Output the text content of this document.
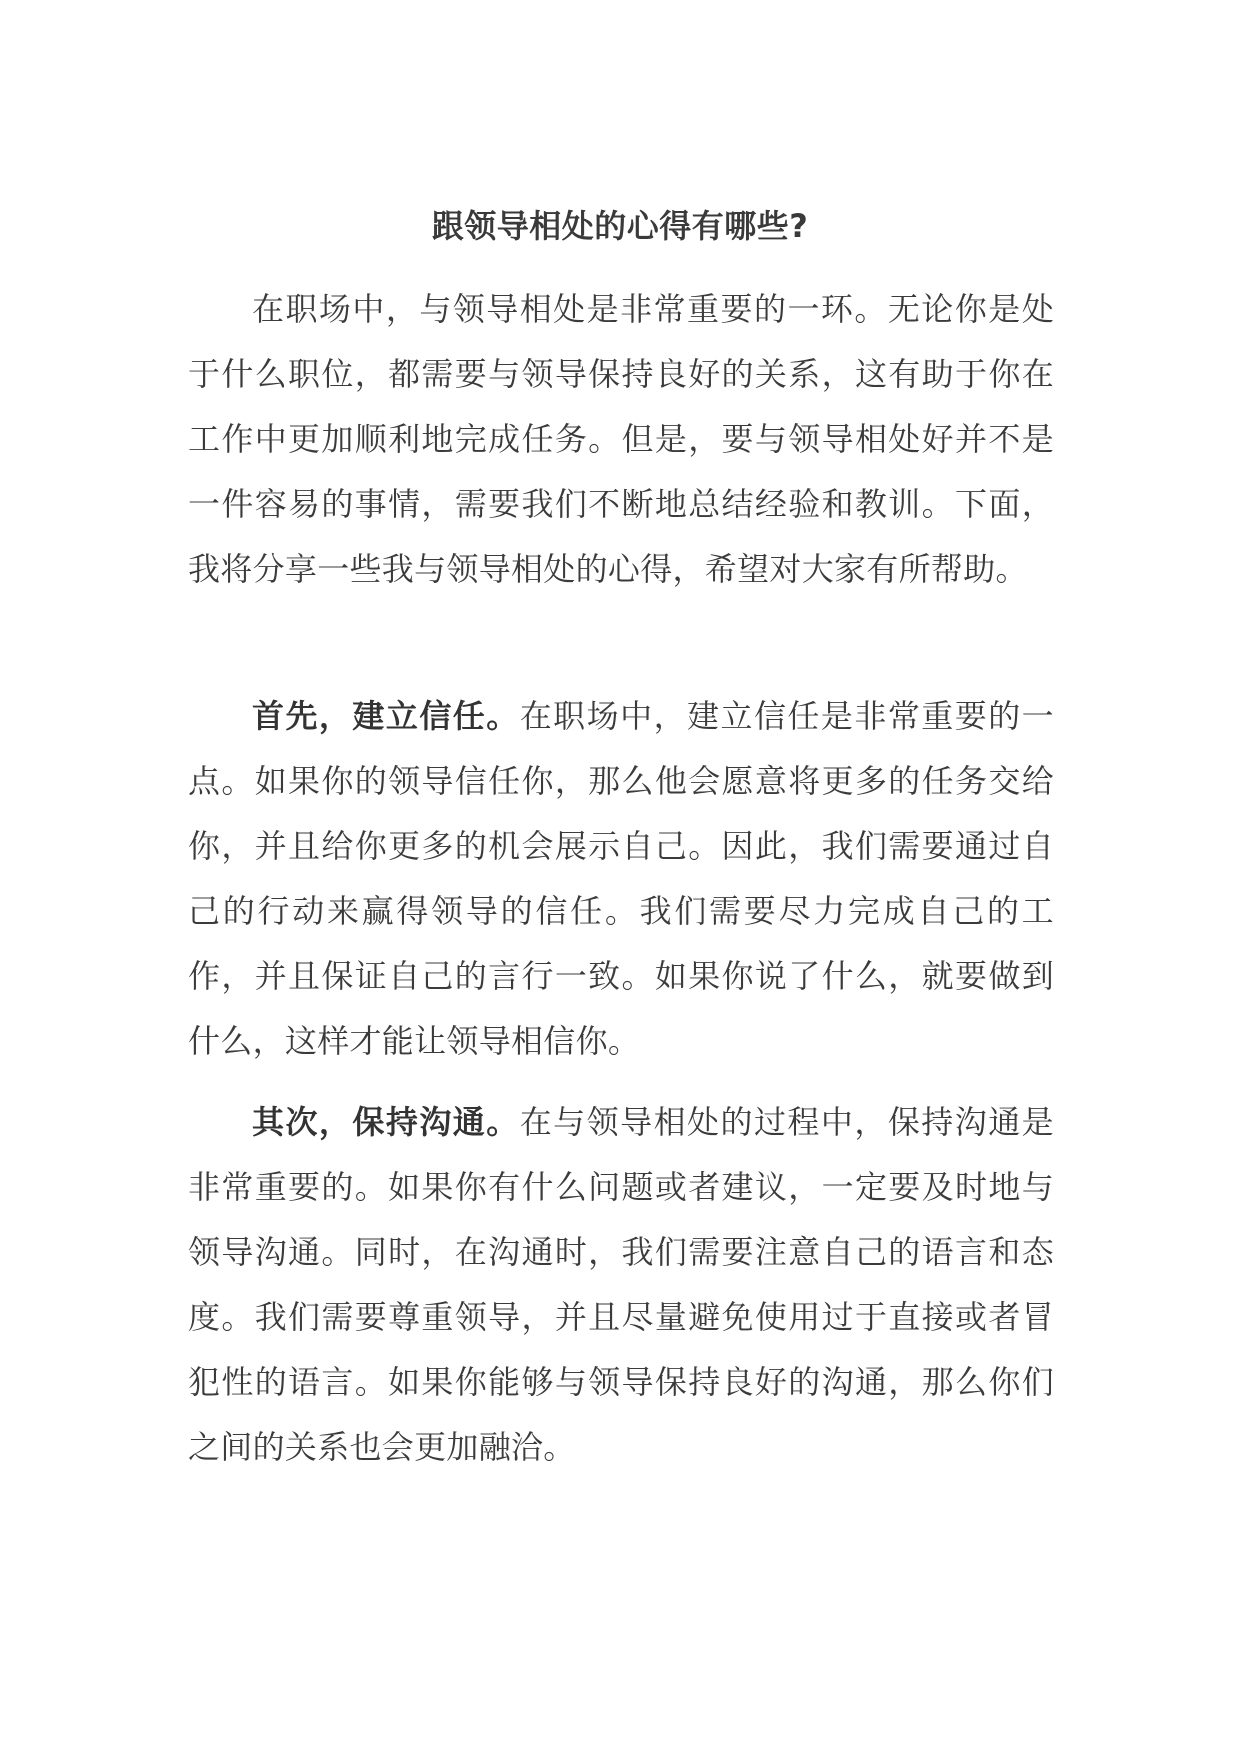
跟领导相处的心得有哪些?

在职场中，与领导相处是非常重要的一环。无论你是处于什么职位，都需要与领导保持良好的关系，这有助于你在工作中更加顺利地完成任务。但是，要与领导相处好并不是一件容易的事情，需要我们不断地总结经验和教训。下面，我将分享一些我与领导相处的心得，希望对大家有所帮助。

首先，建立信任。在职场中，建立信任是非常重要的一点。如果你的领导信任你，那么他会愿意将更多的任务交给你，并且给你更多的机会展示自己。因此，我们需要通过自己的行动来赢得领导的信任。我们需要尽力完成自己的工作，并且保证自己的言行一致。如果你说了什么，就要做到什么，这样才能让领导相信你。

其次，保持沟通。在与领导相处的过程中，保持沟通是非常重要的。如果你有什么问题或者建议，一定要及时地与领导沟通。同时，在沟通时，我们需要注意自己的语言和态度。我们需要尊重领导，并且尽量避免使用过于直接或者冒犯性的语言。如果你能够与领导保持良好的沟通，那么你们之间的关系也会更加融洽。
